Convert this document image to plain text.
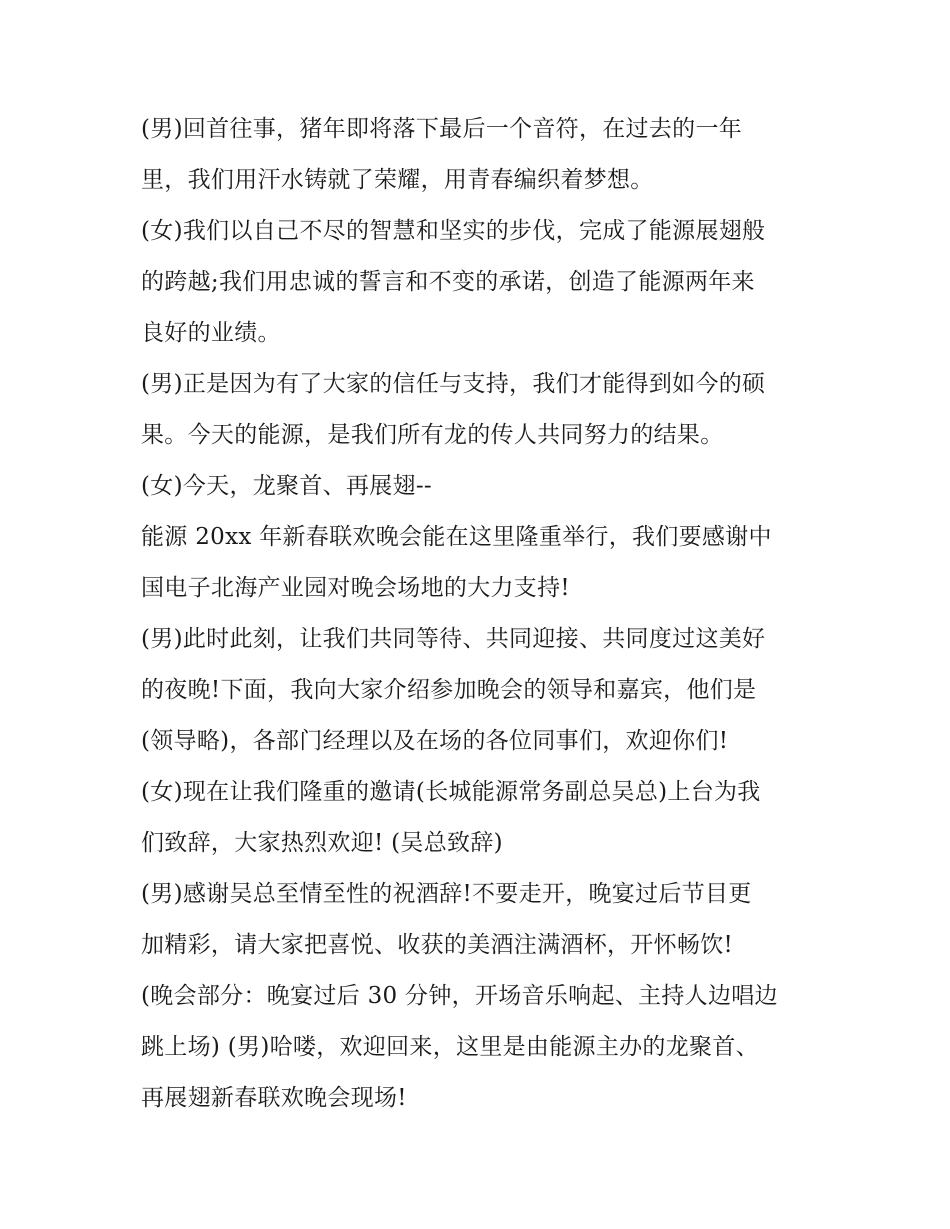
(男)回首往事，猪年即将落下最后一个音符，在过去的一年
里，我们用汗水铸就了荣耀，用青春编织着梦想。
(女)我们以自己不尽的智慧和坚实的步伐，完成了能源展翅般
的跨越;我们用忠诚的誓言和不变的承诺，创造了能源两年来
良好的业绩。
(男)正是因为有了大家的信任与支持，我们才能得到如今的硕
果。今天的能源，是我们所有龙的传人共同努力的结果。
(女)今天，龙聚首、再展翅--
能源 20xx 年新春联欢晚会能在这里隆重举行，我们要感谢中
国电子北海产业园对晚会场地的大力支持!
(男)此时此刻，让我们共同等待、共同迎接、共同度过这美好
的夜晚!下面，我向大家介绍参加晚会的领导和嘉宾，他们是
(领导略)，各部门经理以及在场的各位同事们，欢迎你们!
(女)现在让我们隆重的邀请(长城能源常务副总吴总)上台为我
们致辞，大家热烈欢迎! (吴总致辞)
(男)感谢吴总至情至性的祝酒辞!不要走开，晚宴过后节目更
加精彩，请大家把喜悦、收获的美酒注满酒杯，开怀畅饮!
(晚会部分：晚宴过后 30 分钟，开场音乐响起、主持人边唱边
跳上场) (男)哈喽，欢迎回来，这里是由能源主办的龙聚首、
再展翅新春联欢晚会现场!
